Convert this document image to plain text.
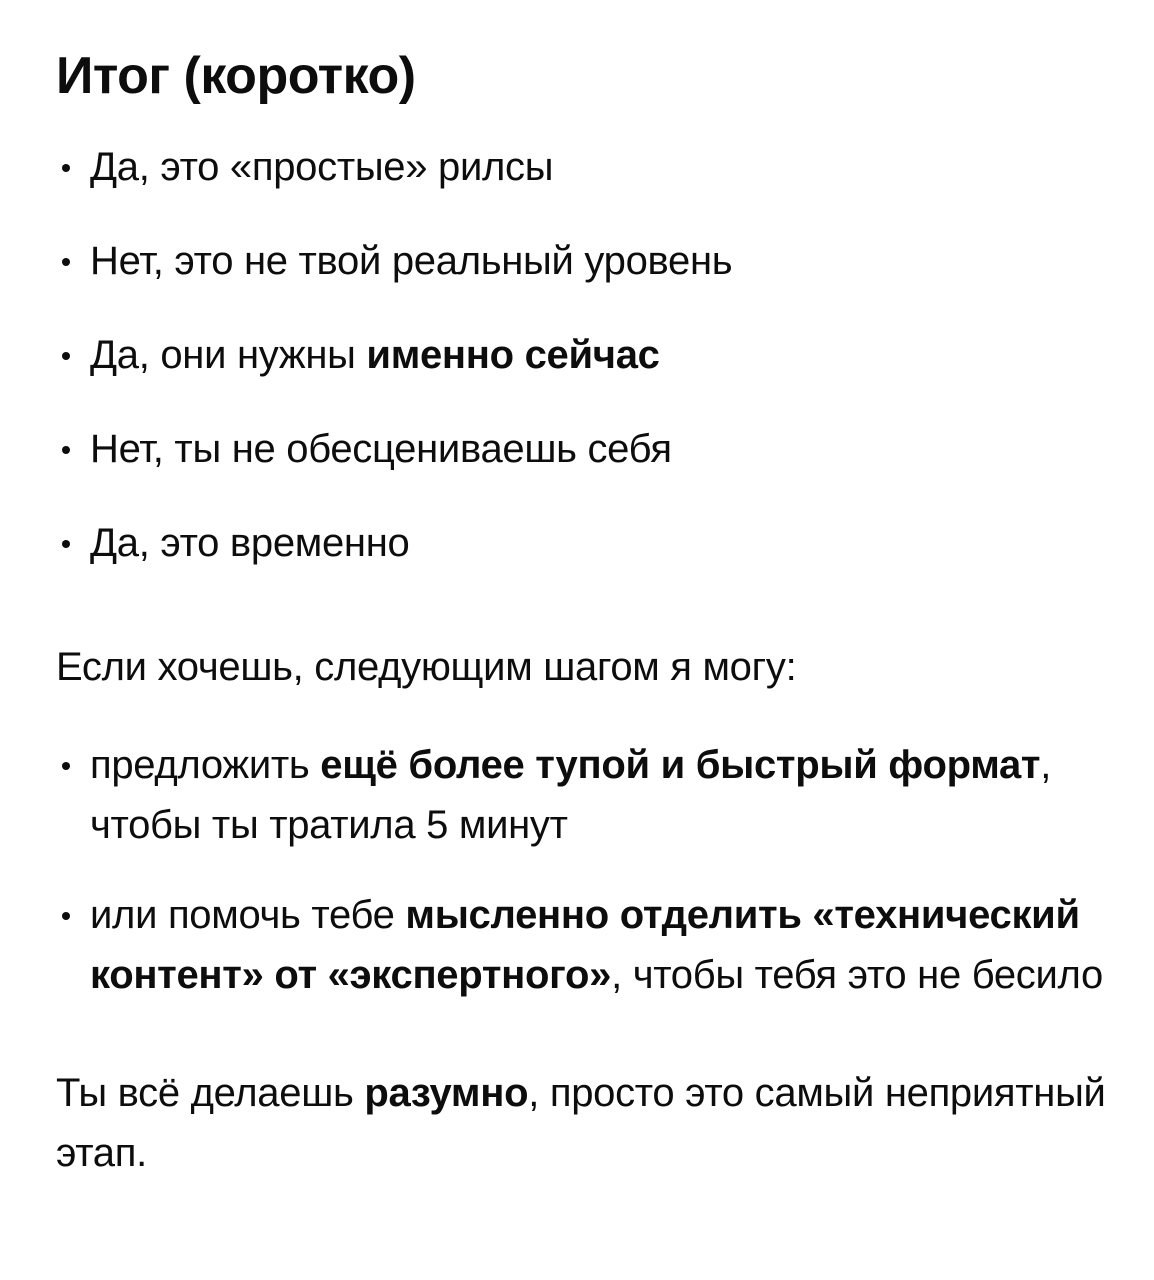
Итог (коротко)
Да, это «простые» рилсы
Нет, это не твой реальный уровень
Да, они нужны именно сейчас
Нет, ты не обесцениваешь себя
Да, это временно

Если хочешь, следующим шагом я могу:

предложить ещё более тупой и быстрый формат, чтобы ты тратила 5 минут
или помочь тебе мысленно отделить «технический контент» от «экспертного», чтобы тебя это не бесило

Ты всё делаешь разумно, просто это самый неприятный этап.
